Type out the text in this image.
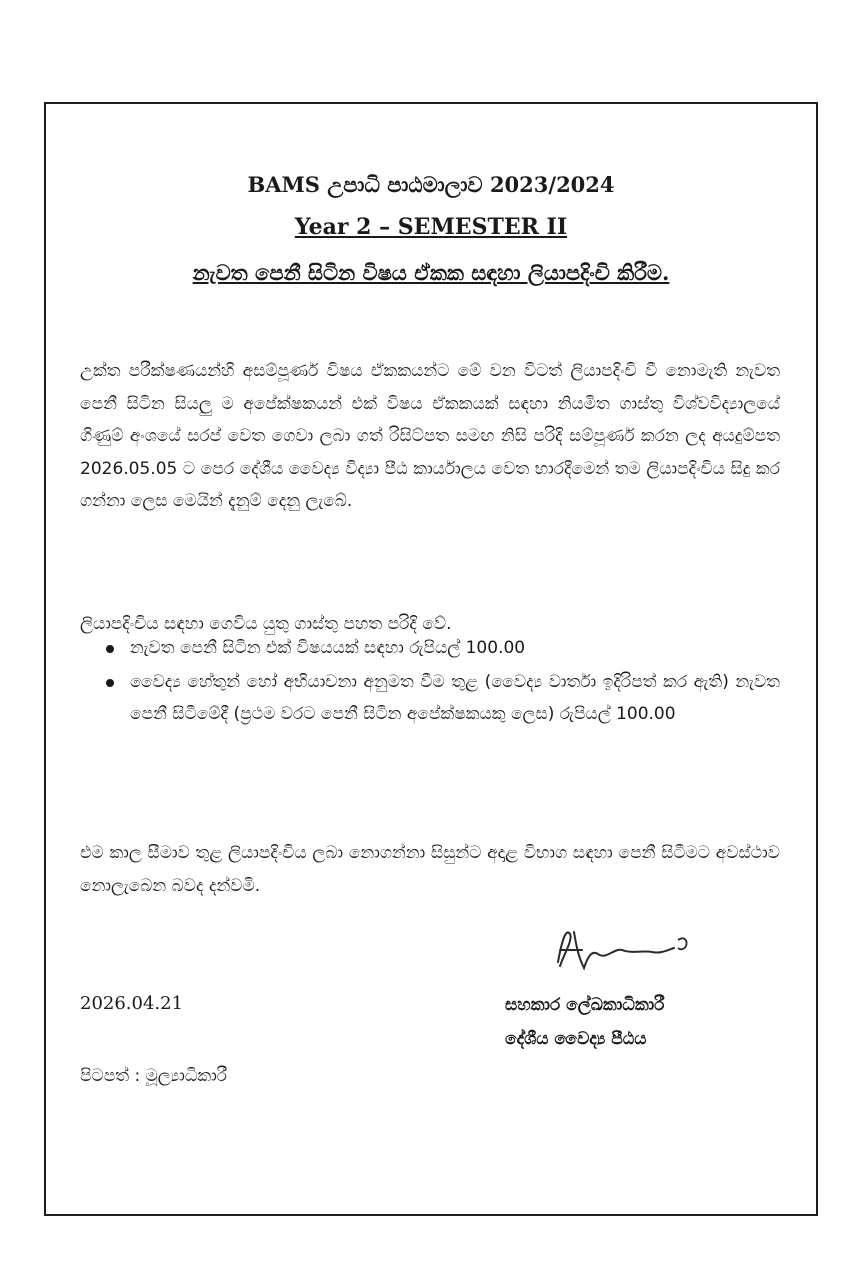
BAMS උපාධි පාඨමාලාව 2023/2024
Year 2 – SEMESTER II
නැවත පෙනී සිටින විෂය ඒකක සඳහා ලියාපදිංචි කිරීම.

උක්ත පරීක්ෂණයන්හි අසම්පූර්ණ විෂය ඒකකයන්ට මේ වන විටත් ලියාපදිංචි වී නොමැති නැවත පෙනී සිටින සියලු ම අපේක්ෂකයන් එක් විෂය ඒකකයක් සඳහා නියමිත ගාස්තු විශ්වවිද්‍යාලයේ ගිණුම් අංශයේ සරප් වෙත ගෙවා ලබා ගත් රිසිට්පත සමඟ නිසි පරිදි සම්පූර්ණ කරන ලද අයදුම්පත 2026.05.05 ට පෙර දේශීය වෛද්‍ය විද්‍යා පීඨ කාර්යාලය වෙත භාරදීමෙන් තම ලියාපදිංචිය සිදු කර ගන්නා ලෙස මෙයින් දැනුම් දෙනු ලැබේ.

ලියාපදිංචිය සඳහා ගෙවිය යුතු ගාස්තු පහත පරිදි වේ.

නැවත පෙනී සිටින එක් විෂයයක් සඳහා රුපියල් 100.00
වෛද්‍ය හේතුන් හෝ අභියාචනා අනුමත වීම තුළ (වෛද්‍ය වාර්තා ඉදිරිපත් කර ඇති) නැවත පෙනී සිටීමේදී (ප්‍රථම වරට පෙනී සිටින අපේක්ෂකයකු ලෙස) රුපියල් 100.00

එම කාල සීමාව තුළ ලියාපදිංචිය ලබා නොගන්නා සිසුන්ට අදාළ විභාග සඳහා පෙනී සිටීමට අවස්ථාව නොලැබෙන බවද දන්වමි.

2026.04.21	සහකාර ලේඛකාධිකාරී
දේශීය වෛද්‍ය පීඨය
පිටපත් : මූල්‍යාධිකාරී
